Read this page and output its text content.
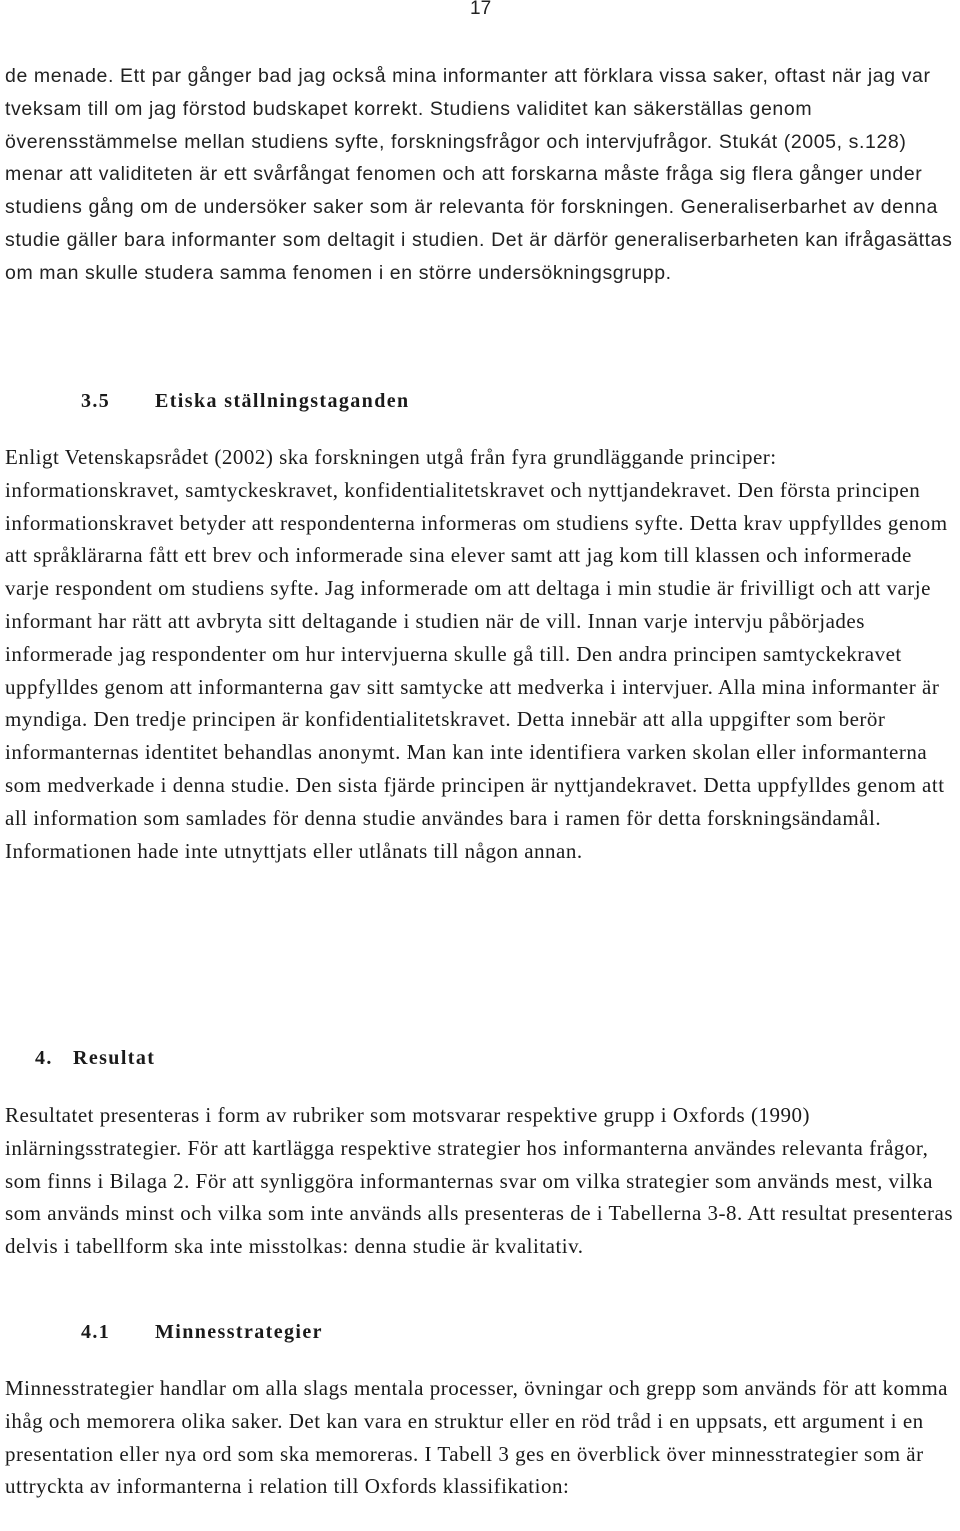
17

de menade. Ett par gånger bad jag också mina informanter att förklara vissa saker, oftast när jag var tveksam till om jag förstod budskapet korrekt. Studiens validitet kan säkerställas genom överensstämmelse mellan studiens syfte, forskningsfrågor och intervjufrågor. Stukát (2005, s.128) menar att validiteten är ett svårfångat fenomen och att forskarna måste fråga sig flera gånger under studiens gång om de undersöker saker som är relevanta för forskningen. Generaliserbarhet av denna studie gäller bara informanter som deltagit i studien. Det är därför generaliserbarheten kan ifrågasättas om man skulle studera samma fenomen i en större undersökningsgrupp.

3.5 Etiska ställningstaganden

Enligt Vetenskapsrådet (2002) ska forskningen utgå från fyra grundläggande principer: informationskravet, samtyckeskravet, konfidentialitetskravet och nyttjandekravet. Den första principen informationskravet betyder att respondenterna informeras om studiens syfte. Detta krav uppfylldes genom att språklärarna fått ett brev och informerade sina elever samt att jag kom till klassen och informerade varje respondent om studiens syfte. Jag informerade om att deltaga i min studie är frivilligt och att varje informant har rätt att avbryta sitt deltagande i studien när de vill. Innan varje intervju påbörjades informerade jag respondenter om hur intervjuerna skulle gå till. Den andra principen samtyckekravet uppfylldes genom att informanterna gav sitt samtycke att medverka i intervjuer. Alla mina informanter är myndiga. Den tredje principen är konfidentialitetskravet. Detta innebär att alla uppgifter som berör informanternas identitet behandlas anonymt. Man kan inte identifiera varken skolan eller informanterna som medverkade i denna studie. Den sista fjärde principen är nyttjandekravet. Detta uppfylldes genom att all information som samlades för denna studie användes bara i ramen för detta forskningsändamål. Informationen hade inte utnyttjats eller utlånats till någon annan.

4. Resultat

Resultatet presenteras i form av rubriker som motsvarar respektive grupp i Oxfords (1990) inlärningsstrategier. För att kartlägga respektive strategier hos informanterna användes relevanta frågor, som finns i Bilaga 2. För att synliggöra informanternas svar om vilka strategier som används mest, vilka som används minst och vilka som inte används alls presenteras de i Tabellerna 3-8. Att resultat presenteras delvis i tabellform ska inte misstolkas: denna studie är kvalitativ.

4.1 Minnesstrategier

Minnesstrategier handlar om alla slags mentala processer, övningar och grepp som används för att komma ihåg och memorera olika saker. Det kan vara en struktur eller en röd tråd i en uppsats, ett argument i en presentation eller nya ord som ska memoreras. I Tabell 3 ges en överblick över minnesstrategier som är uttryckta av informanterna i relation till Oxfords klassifikation:
